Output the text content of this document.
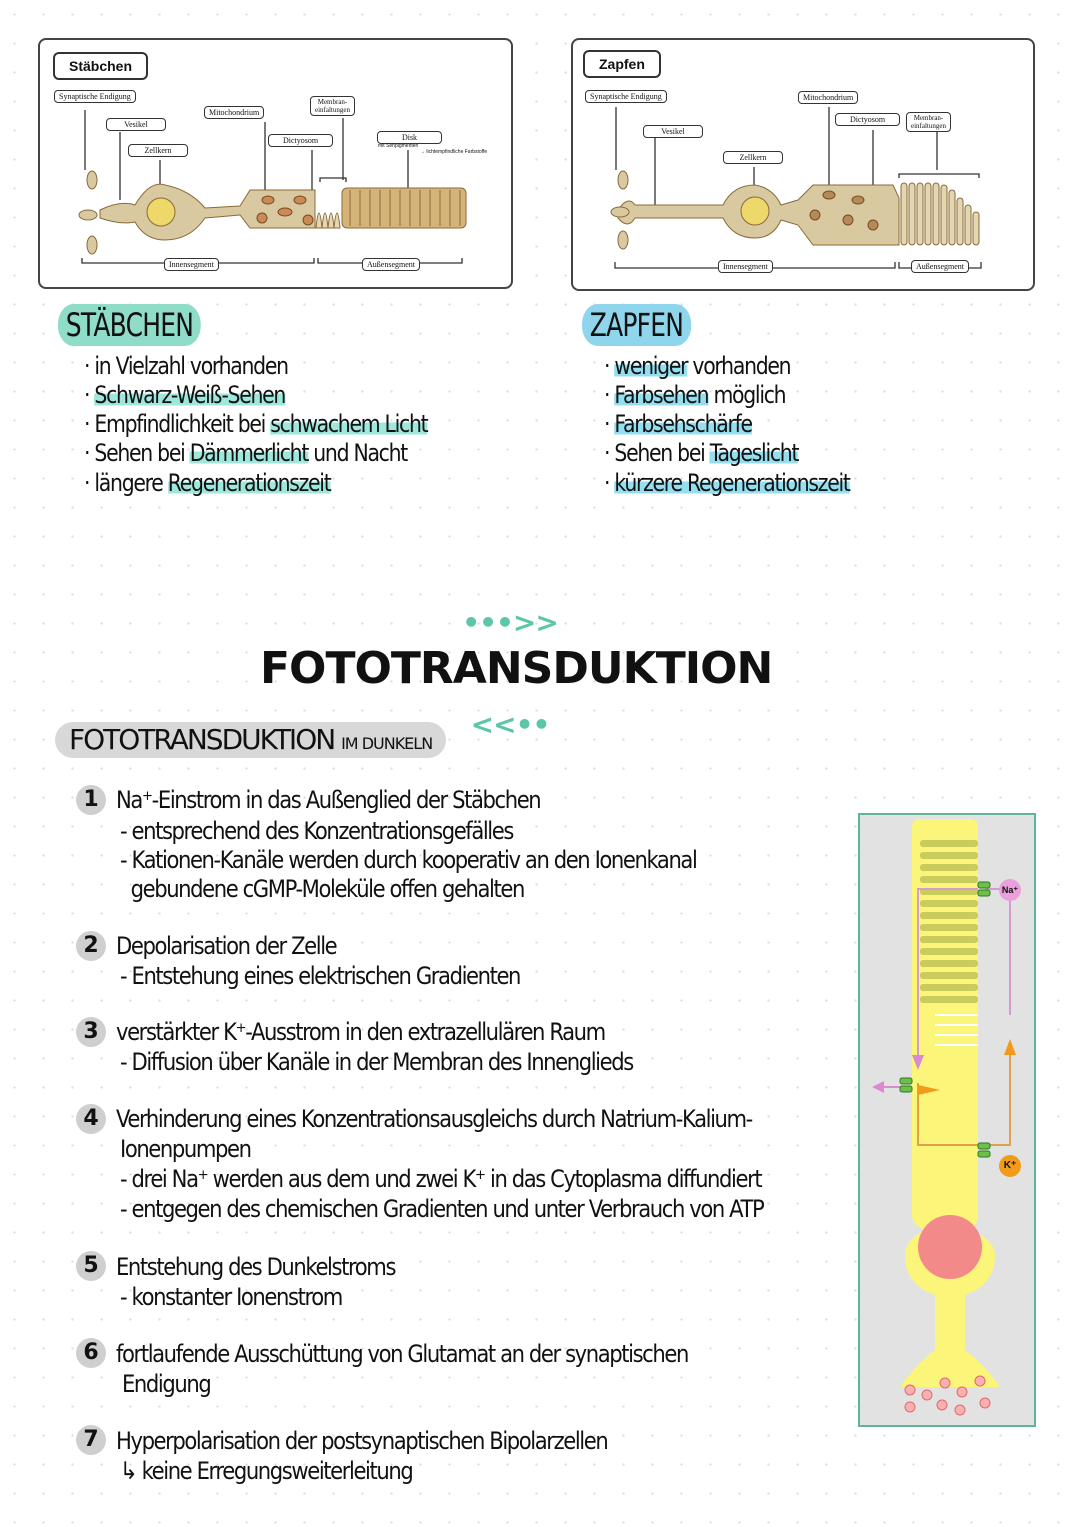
Stäbchen
Synaptische Endigung
Vesikel
Zellkern
Mitochondrium
Dictyosom
Membran-
einfaltungen
Disk
mit Sehpigmenten
→ lichtempfindliche Farbstoffe
Innensegment	Außensegment
Zapfen
Synaptische Endigung
Vesikel
Zellkern
Mitochondrium
Dictyosom	Membran-
einfaltungen
Innensegment	Außensegment
STÄBCHEN	ZAPFEN
· in Vielzahl vorhanden
· Schwarz-Weiß-Sehen
· Empfindlichkeit bei schwachem Licht
· Sehen bei Dämmerlicht und Nacht
· längere Regenerationszeit
· weniger vorhanden
· Farbsehen möglich
· Farbsehschärfe
· Sehen bei Tageslicht
· kürzere Regenerationszeit
•••>> FOTOTRANSDUKTION <<••
FOTOTRANSDUKTION IM DUNKELN
1 Na⁺-Einstrom in das Außenglied der Stäbchen
- entsprechend des Konzentrationsgefälles
- Kationen-Kanäle werden durch kooperativ an den Ionenkanal
gebundene cGMP-Moleküle offen gehalten
2 Depolarisation der Zelle
- Entstehung eines elektrischen Gradienten
3 verstärkter K⁺-Ausstrom in den extrazellulären Raum
- Diffusion über Kanäle in der Membran des Innenglieds
4 Verhinderung eines Konzentrationsausgleichs durch Natrium-Kalium-
Ionenpumpen
- drei Na⁺ werden aus dem und zwei K⁺ in das Cytoplasma diffundiert
- entgegen des chemischen Gradienten und unter Verbrauch von ATP
5 Entstehung des Dunkelstroms
- konstanter Ionenstrom
6 fortlaufende Ausschüttung von Glutamat an der synaptischen
Endigung
7 Hyperpolarisation der postsynaptischen Bipolarzellen
↳ keine Erregungsweiterleitung
Na⁺
K⁺
